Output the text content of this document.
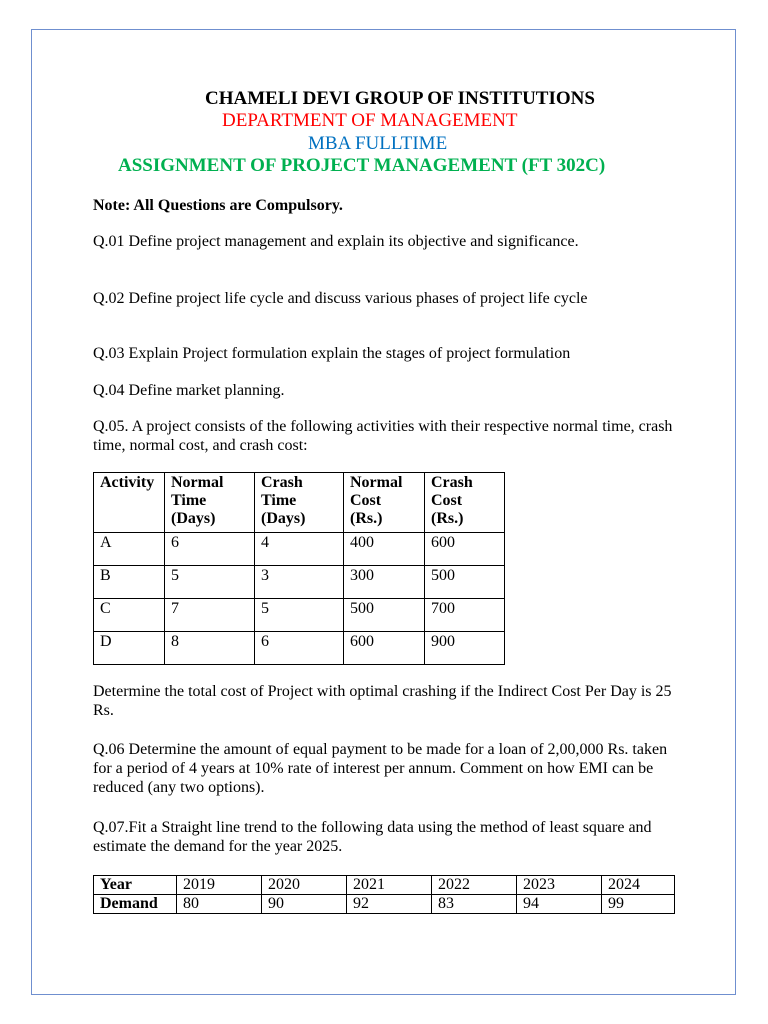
CHAMELI DEVI GROUP OF INSTITUTIONS
DEPARTMENT OF MANAGEMENT
MBA FULLTIME
ASSIGNMENT OF PROJECT MANAGEMENT (FT 302C)
Note: All Questions are Compulsory.
Q.01 Define project management and explain its objective and significance.
Q.02 Define project life cycle and discuss various phases of project life cycle
Q.03 Explain Project formulation explain the stages of project formulation
Q.04 Define market planning.
Q.05. A project consists of the following activities with their respective normal time, crash time, normal cost, and crash cost:
Activity	Normal
Time
(Days)	Crash
Time
(Days)	Normal
Cost
(Rs.)	Crash
Cost
(Rs.)

A	6	4	400	600

B	5	3	300	500

C	7	5	500	700

D	8	6	600	900
Determine the total cost of Project with optimal crashing if the Indirect Cost Per Day is 25 Rs.
Q.06 Determine the amount of equal payment to be made for a loan of 2,00,000 Rs. taken for a period of 4 years at 10% rate of interest per annum. Comment on how EMI can be reduced (any two options).
Q.07.Fit a Straight line trend to the following data using the method of least square and estimate the demand for the year 2025.
Year	2019	2020	2021	2022	2023	2024
Demand	80	90	92	83	94	99
